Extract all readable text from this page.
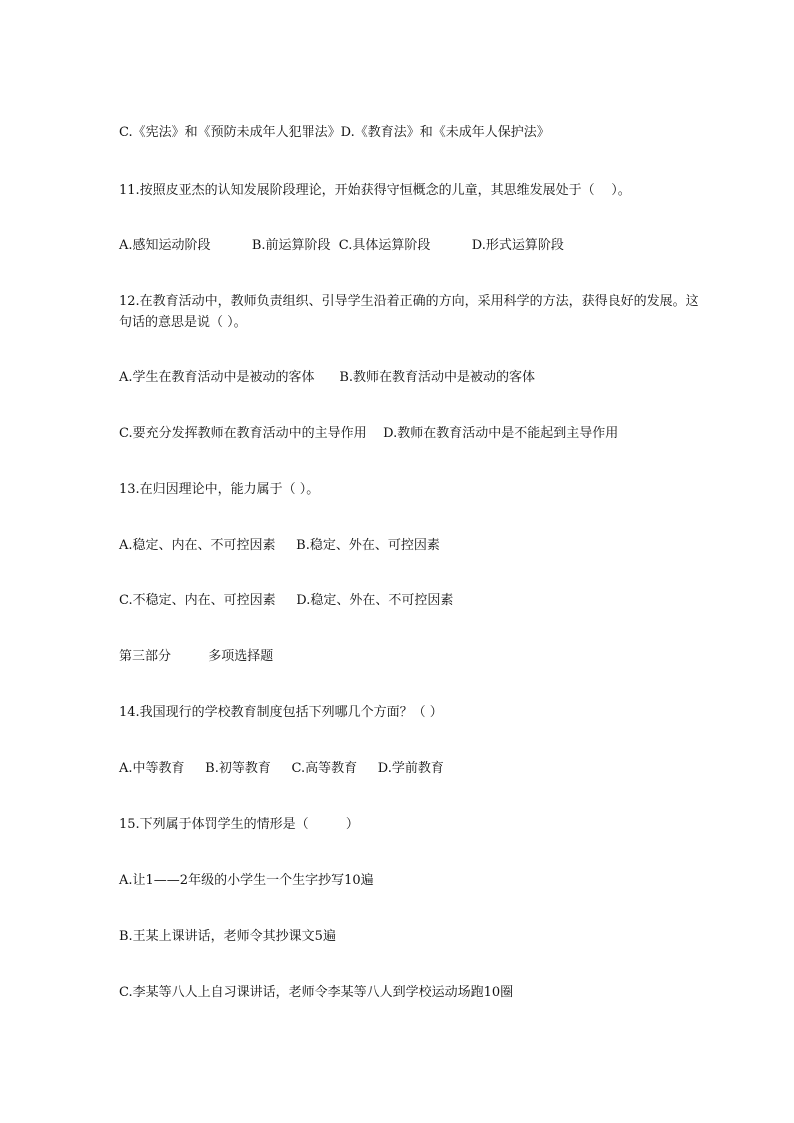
C.《宪法》和《预防未成年人犯罪法》D.《教育法》和《未成年人保护法》
11.按照皮亚杰的认知发展阶段理论，开始获得守恒概念的儿童，其思维发展处于（    ）。
A.感知运动阶段          B.前运算阶段  C.具体运算阶段          D.形式运算阶段
12.在教育活动中，教师负责组织、引导学生沿着正确的方向，采用科学的方法，获得良好的发展。这
句话的意思是说（ ）。
A.学生在教育活动中是被动的客体      B.教师在教育活动中是被动的客体
C.要充分发挥教师在教育活动中的主导作用    D.教师在教育活动中是不能起到主导作用
13.在归因理论中，能力属于（ ）。
A.稳定、内在、不可控因素     B.稳定、外在、可控因素
C.不稳定、内在、可控因素     D.稳定、外在、不可控因素
第三部分         多项选择题
14.我国现行的学校教育制度包括下列哪几个方面？（ ）
A.中等教育     B.初等教育     C.高等教育     D.学前教育
15.下列属于体罚学生的情形是（         ）
A.让1——2年级的小学生一个生字抄写10遍
B.王某上课讲话，老师令其抄课文5遍
C.李某等八人上自习课讲话，老师令李某等八人到学校运动场跑10圈
